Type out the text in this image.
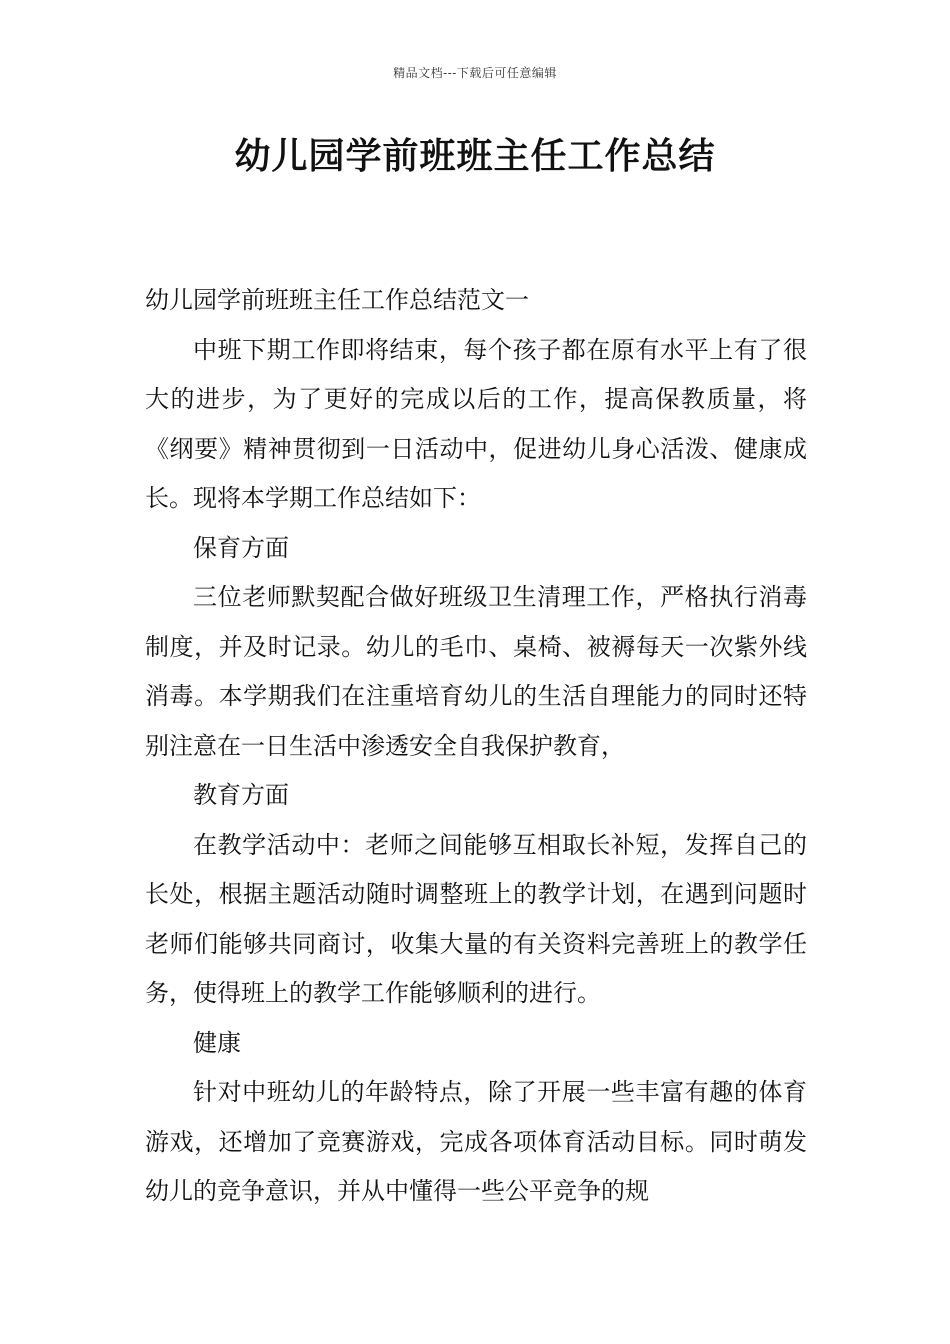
精品文档---下载后可任意编辑
幼儿园学前班班主任工作总结

幼儿园学前班班主任工作总结范文一

中班下期工作即将结束，每个孩子都在原有水平上有了很大的进步，为了更好的完成以后的工作，提高保教质量，将《纲要》精神贯彻到一日活动中，促进幼儿身心活泼、健康成长。现将本学期工作总结如下：

保育方面

三位老师默契配合做好班级卫生清理工作，严格执行消毒制度，并及时记录。幼儿的毛巾、桌椅、被褥每天一次紫外线消毒。本学期我们在注重培育幼儿的生活自理能力的同时还特别注意在一日生活中渗透安全自我保护教育，

教育方面

在教学活动中：老师之间能够互相取长补短，发挥自己的长处，根据主题活动随时调整班上的教学计划，在遇到问题时老师们能够共同商讨，收集大量的有关资料完善班上的教学任务，使得班上的教学工作能够顺利的进行。

健康

针对中班幼儿的年龄特点，除了开展一些丰富有趣的体育游戏，还增加了竞赛游戏，完成各项体育活动目标。同时萌发幼儿的竞争意识，并从中懂得一些公平竞争的规
